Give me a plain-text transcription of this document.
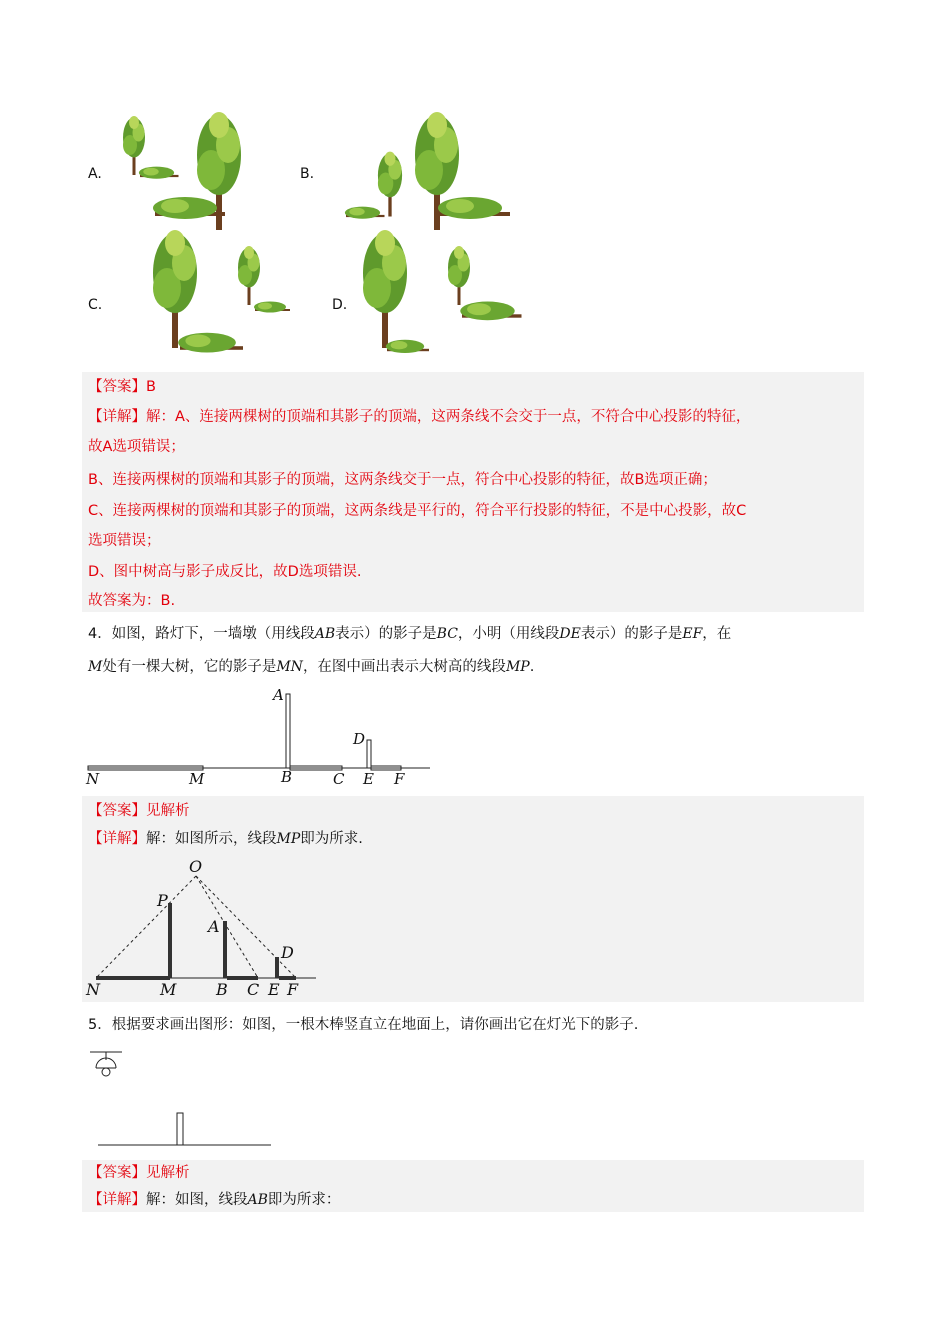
A.	B.
C.	D.
【答案】B
【详解】解：A、连接两棵树的顶端和其影子的顶端，这两条线不会交于一点，不符合中心投影的特征，
故A选项错误；
B、连接两棵树的顶端和其影子的顶端，这两条线交于一点，符合中心投影的特征，故B选项正确；
C、连接两棵树的顶端和其影子的顶端，这两条线是平行的，符合平行投影的特征，不是中心投影，故C
选项错误；
D、图中树高与影子成反比，故D选项错误.
故答案为：B.
4．如图，路灯下，一墙墩（用线段AB表示）的影子是BC，小明（用线段DE表示）的影子是EF，在
M处有一棵大树，它的影子是MN，在图中画出表示大树高的线段MP.
A
D
N	M	B	C E F
【答案】见解析
【详解】解：如图所示，线段MP即为所求.
O
P
A
D
N	M B C E F
5．根据要求画出图形：如图，一根木棒竖直立在地面上，请你画出它在灯光下的影子.
【答案】见解析
【详解】解：如图，线段AB即为所求：
